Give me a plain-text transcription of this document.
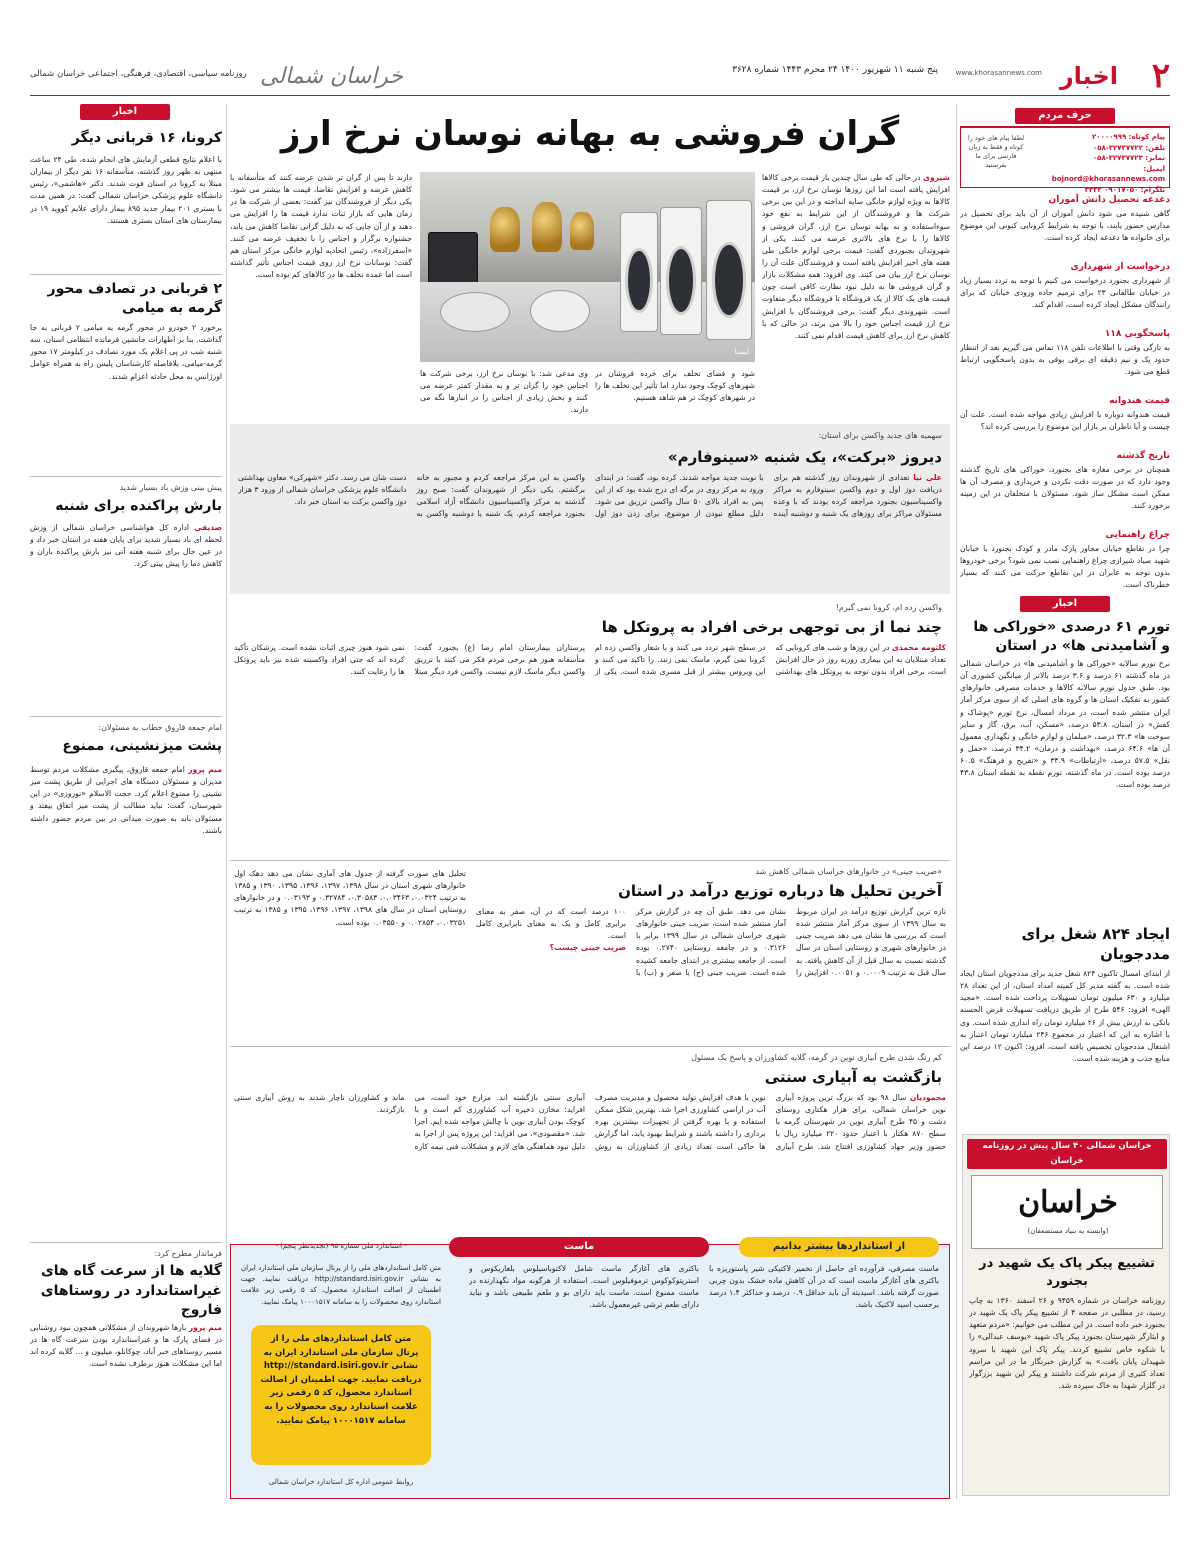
۲
اخبار
www.khorasannews.com
پنج شنبه ۱۱ شهریور ۱۴۰۰ ۲۴ محرم ۱۴۴۳ شماره ۳۶۲۸
خراسان شمالی
روزنامه سیاسی، اقتصادی، فرهنگی، اجتماعی خراسان شمالی
حرف مردم
پیام کوتاه: ۲۰۰۰۰۹۹۹
تلفن: ۳۲۷۳۷۷۲۲-۰۵۸
نمابر: ۳۲۷۳۷۷۲۳-۰۵۸
ایمیل: bojnord@khorasannews.com
تلگرام: ۰۹۰۱۷۰۵۰ ۳۳۳۳
لطفا پیام های خود را کوتاه و فقط به زبان فارسی برای ما بفرستید
دغدغه تحصیل دانش آموزان
گاهی شنیده می شود دانش آموزان از آن باید برای تحصیل در مدارس حضور یابند، با توجه به شرایط کرونایی کنونی این موضوع برای خانواده ها دغدغه ایجاد کرده است.
درخواست از شهرداری
از شهرداری بجنورد درخواست می کنیم با توجه به تردد بسیار زیاد در خیابان طالقانی ۲۳ برای ترمیم جاده ورودی خیابان که برای رانندگان مشکل ایجاد کرده است، اقدام کند.
پاسخگویی ۱۱۸
به تازگی وقتی با اطلاعات تلفن ۱۱۸ تماس می گیریم بعد از انتظار حدود یک و نیم دقیقه ای برقی بوقی به بدون پاسخگویی ارتباط قطع می شود.
قیمت هندوانه
قیمت هندوانه دوباره با افزایش زیادی مواجه شده است. علت آن چیست و آیا ناظران بر بازار این موضوع را بررسی کرده اند؟
تاریخ گذشته
همچنان در برخی مغازه های بجنورد، خوراکی های تاریخ گذشته وجود دارد که در صورت دقت نکردن و خریداری و مصرف آن ها ممکن است مشکل ساز شود. مسئولان با متخلفان در این زمینه برخورد کنند.
چراغ راهنمایی
چرا در تقاطع خیابان مجاور پارک مادر و کودک بجنورد با خیابان شهید صیاد شیرازی چراغ راهنمایی نصب نمی شود؟ برخی خودروها بدون توجه به عابران در این تقاطع حرکت می کنند که بسیار خطرناک است.
گران فروشی به بهانه نوسان نرخ ارز
شیروی در حالی که طی سال چندین بار قیمت برخی کالاها افزایش یافته است اما این روزها نوسان نرخ ارز، بر قیمت کالاها به ویژه لوازم خانگی سایه انداخته و در این بین برخی شرکت ها و فروشندگان از این شرایط به نفع خود سوءاستفاده و به بهانه نوسان نرخ ارز، گران فروشی و کالاها را با نرخ های بالاتری عرضه می کنند. یکی از شهروندان بجنوردی گفت: قیمت برخی لوازم خانگی طی هفته های اخیر افزایش یافته است و فروشندگان علت آن را نوسان نرخ ارز بیان می کنند. وی افزود: همه مشکلات بازار و گران فروشی ها به دلیل نبود نظارت کافی است چون قیمت های یک کالا از یک فروشگاه تا فروشگاه دیگر متفاوت است. شهروندی دیگر گفت: برخی فروشندگان با افزایش نرخ ارز قیمت اجناس خود را بالا می برند، در حالی که با کاهش نرخ ارز برای کاهش قیمت اقدام نمی کنند.
ایسنا
شود و فضای تخلف برای خرده فروشان در شهرهای کوچک وجود ندارد اما تأثیر این تخلف ها را در شهرهای کوچک تر هم شاهد هستیم.
وی مدعی شد: با نوسان نرخ ارز، برخی شرکت ها اجناس خود را گران تر و به مقدار کمتر عرضه می کنند و بخش زیادی از اجناس را در انبارها نگه می دارند.
دارند تا پس از گران تر شدن عرضه کنند که متأسفانه با کاهش عرضه و افزایش تقاضا، قیمت ها بیشتر می شود. یکی دیگر از فروشندگان نیز گفت: بعضی از شرکت ها در زمان هایی که بازار ثبات ندارد قیمت ها را افزایش می دهند و از آن جایی که به دلیل گرانی تقاضا کاهش می یابد، جشنواره برگزار و اجناس را با تخفیف عرضه می کنند. «اسفرزاده»، رئیس اتحادیه لوازم خانگی مرکز استان هم گفت: نوسانات نرخ ارز روی قیمت اجناس تأثیر گذاشته است اما عمده تخلف ها در کالاهای کم بوده است.
اخبار
کرونا، ۱۶ قربانی دیگر
با اعلام نتایج قطعی آزمایش های انجام شده، طی ۲۴ ساعت منتهی به ظهر روز گذشته، متأسفانه ۱۶ نفر دیگر از بیماران مبتلا به کرونا در استان فوت شدند. دکتر «هاشمی»، رئیس دانشگاه علوم پزشکی خراسان شمالی گفت: در همین مدت با بستری ۲۰۱ بیمار جدید ۸۹۵ بیمار دارای علایم کووید ۱۹ در بیمارستان های استان بستری هستند.
۲ قربانی در تصادف محور گرمه به میامی
برخورد ۲ خودرو در محور گرمه به میامی ۲ قربانی به جا گذاشت. بنا بر اظهارات جانشین فرمانده انتظامی استان، سه شنبه شب در پی اعلام یک مورد تصادف در کیلومتر ۱۷ محور گرمه-میامی، بلافاصله کارشناسان پلیس راه به همراه عوامل اورژانس به محل حادثه اعزام شدند.
پیش بینی وزش باد بسیار شدید
بارش پراکنده برای شنبه
صدیقی اداره کل هواشناسی خراسان شمالی از وزش لحظه ای باد بسیار شدید برای پایان هفته در استان خبر داد و در عین حال برای شنبه هفته آتی نیز بارش پراکنده باران و کاهش دما را پیش بینی کرد.
امام جمعه قاروق خطاب به مسئولان:
پشت میزنشینی، ممنوع
میم پرور امام جمعه قاروق، پیگیری مشکلات مردم توسط مدیران و مسئولان دستگاه های اجرایی از طریق پشت میز نشینی را ممنوع اعلام کرد. حجت الاسلام «نوروزی» در این شهرستان، گفت: نباید مطالب از پشت میز اتفاق بیفتد و مسئولان باید به صورت میدانی در بین مردم حضور داشته باشند.
فرماندار مطرح کرد:
گلایه ها از سرعت گاه های غیراستاندارد در روستاهای فاروج
میم پرور بارها شهروندان از مشکلاتی همچون نبود روشنایی در فضای پارک ها و غیراستاندارد بودن سرعت گاه ها در مسیر روستاهای خبر آباد، چوکانلو، میلیون و ... گلایه کرده اند اما این مشکلات هنوز برطرف نشده است.
سهمیه های جدید واکسن برای استان:
دیروز «برکت»، یک شنبه «سینوفارم»
علی نیا تعدادی از شهروندان روز گذشته هم برای دریافت دوز اول و دوم واکسن سینوفارم به مراکز واکسیناسیون بجنورد مراجعه کرده بودند که با وعده مسئولان مراکز برای روزهای یک شنبه و دوشنبه آینده با نوبت جدید مواجه شدند. کرده بود، گفت: در ابتدای ورود به مرکز روی در برگه ای درج شده بود که از این پس به افراد بالای ۵۰ سال واکسن تزریق می شود. دلیل مطلع نبودن از موضوع، برای زدن دوز اول واکسن به این مرکز مراجعه کردم و مجبور به خانه برگشتم. یکی دیگر از شهروندان گفت: صبح روز گذشته به مرکز واکسیناسیون دانشگاه آزاد اسلامی بجنورد مراجعه کردم. یک شنبه یا دوشنبه واکسن به دست شان می رسد. دکتر «شهرکی» معاون بهداشتی دانشگاه علوم پزشکی خراسان شمالی از ورود ۳ هزار دوز واکسن برکت به استان خبر داد.
واکسن زده ام، کرونا نمی گیرم!
چند نما از بی توجهی برخی افراد به پروتکل ها
کلثومه محمدی در این روزها و شب های کرونایی که تعداد مبتلایان به این بیماری روزبه روز در حال افزایش است، برخی افراد بدون توجه به پروتکل های بهداشتی در سطح شهر تردد می کنند و با شعار واکسن زده ام کرونا نمی گیرم، ماسک نمی زنند. را تاکید می کنند و این ویروس بیشتر از قبل مسری شده است. یکی از پرستاران بیمارستان امام رضا (ع) بجنورد گفت: متأسفانه هنوز هم برخی مردم فکر می کنند با تزریق واکسن دیگر ماسک لازم نیست. واکسن فرد دیگر مبتلا نمی شود هنوز چیزی اثبات نشده است. پزشکان تأکید کرده اند که حتی افراد واکسینه شده نیز باید پروتکل ها را رعایت کنند.
«ضریب جینی» در خانوارهای خراسان شمالی کاهش شد
آخرین تحلیل ها درباره توزیع درآمد در استان
تازه ترین گزارش توزیع درآمد در ایران مربوط به سال ۱۳۹۹ از سوی مرکز آمار منتشر شده است که بررسی ها نشان می دهد ضریب جینی در خانوارهای شهری و روستایی استان در سال گذشته نسبت به سال قبل از آن کاهش یافته. به سال قبل به ترتیب ۰.۰۰۰۹ و ۰.۰۰۵۱ افزایش را نشان می دهد. طبق آن چه در گزارش مرکز آمار منتشر شده است، ضریب جینی خانوارهای شهری خراسان شمالی در سال ۱۳۹۹ برابر با ۰.۳۱۲۶ و در جامعه روستایی ۰.۲۷۴۰ بوده است. از جامعه بیشتری در ابتدای جامعه کشیده شده است. ضریب جینی (ج) با صفر و (ب) با ۱۰۰ درصد است که در آن، صفر به معنای برابری کامل و یک به معنای نابرابری کامل است.
ضریب جینی چیست؟
تحلیل های صورت گرفته از جدول های آماری نشان می دهد دهک اول خانوارهای شهری استان در سال ۱۳۹۸، ۱۳۹۷، ۱۳۹۶، ۱۳۹۵، ۱۳۹۰ و ۱۳۸۵ به ترتیب ۰.۰۳۲۴، ۰.۰۳۴۶۳، ۰.۳۰۵۸۳، ۰.۳۲۷۸۴ و ۰.۰۳۱۹۳ و در خانوارهای روستایی استان در سال های ۱۳۹۸، ۱۳۹۷، ۱۳۹۶، ۱۳۹۵ و ۱۳۸۵ به ترتیب ۰.۰۳۲۵۱، ۰.۰۲۸۵۴ و ۰.۰۳۵۵۰ بوده است.
کم رنگ شدن طرح آبیاری نوین در گرمه، گلایه کشاورزان و پاسخ یک مسئول
بازگشت به آبیاری سنتی
محمودیان سال ۹۸ بود که بزرگ ترین پروژه آبیاری نوین خراسان شمالی، برای هزار هکتاری روستای دشت و ۴۵ طرح آبیاری نوین در شهرستان گرمه با سطح ۸۷۰ هکتار با اعتبار حدود ۲۲۰ میلیارد ریال با حضور وزیر جهاد کشاورزی افتتاح شد. طرح آبیاری نوین با هدف افزایش تولید محصول و مدیریت مصرف آب در اراضی کشاورزی اجرا شد. بهترین شکل ممکن استفاده و با بهره گرفتن از تجهیزات بیشترین بهره برداری را داشته باشند و شرایط بهبود یابد، اما گزارش ها حاکی است تعداد زیادی از کشاورزان به روش آبیاری سنتی بازگشته اند. مزارع خود است، می افزاید: مخازن ذخیره آب کشاورزی کم است و با کوچک بودن آبیاری نوین با چالش مواجه شده ایم. اجرا شد. «مقصودی»، می افزاید: این پروژه پس از اجرا به دلیل نبود هماهنگی های لازم و مشکلات فنی نیمه کاره ماند و کشاورزان ناچار شدند به روش آبیاری سنتی بازگردند.
از استانداردها بیشتر بدانیم
ماست
- استاندارد ملی شماره ۹۵ (تجدیدنظر پنجم) -
ماست مصرفی، فرآورده ای حاصل از تخمیر لاکتیکی شیر پاستوریزه با باکتری های آغازگر ماست است که در آن کاهش ماده خشک بدون چربی صورت گرفته باشد. اسیدیته آن باید حداقل ۰.۹ درصد و حداکثر ۱.۴ درصد برحسب اسید لاکتیک باشد.
باکتری های آغازگر ماست شامل لاکتوباسیلوس بلغاریکوس و استرپتوکوکوس ترموفیلوس است. استفاده از هرگونه مواد نگهدارنده در ماست ممنوع است. ماست باید دارای بو و طعم طبیعی باشد و نباید دارای طعم ترشی غیرمعمول باشد.
متن کامل استانداردهای ملی را از پرتال سازمان ملی استاندارد ایران به نشانی http://standard.isiri.gov.ir دریافت نمایید. جهت اطمینان از اصالت استاندارد محصول، کد ۵ رقمی زیر علامت استاندارد روی محصولات را به سامانه ۱۰۰۰۱۵۱۷ پیامک نمایید.
متن کامل استانداردهای ملی را از پرتال سازمان ملی استاندارد ایران به نشانی http://standard.isiri.gov.ir دریافت نمایید. جهت اطمینان از اصالت استاندارد محصول، کد ۵ رقمی زیر علامت استاندارد روی محصولات را به سامانه ۱۰۰۰۱۵۱۷ پیامک نمایید.
روابط عمومی اداره کل استاندارد خراسان شمالی
اخبار
تورم ۶۱ درصدی «خوراکی ها و آشامیدنی ها» در استان
نرخ تورم سالانه «خوراکی ها و آشامیدنی ها» در خراسان شمالی در ماه گذشته ۶۱ درصد و ۳.۶ درصد بالاتر از میانگین کشوری آن بود. طبق جدول تورم سالانه کالاها و خدمات مصرفی خانوارهای کشور به تفکیک استان ها و گروه های اصلی که از سوی مرکز آمار ایران منتشر شده است، در مرداد امسال، نرخ تورم «پوشاک و کفش» در استان، ۵۳.۸ درصد، «مسکن، آب، برق، گاز و سایر سوخت ها» ۳۲.۳ درصد، «مبلمان و لوازم خانگی و نگهداری معمول آن ها» ۶۴.۶ درصد، «بهداشت و درمان» ۳۴.۲ درصد، «حمل و نقل» ۵۷.۵ درصد، «ارتباطات» ۳۴.۹ و «تفریح و فرهنگ» ۶۰.۵ درصد بوده است. در ماه گذشته، تورم نقطه به نقطه استان ۴۳.۸ درصد بوده است.
ایجاد ۸۲۴ شغل برای مددجویان
از ابتدای امسال تاکنون ۸۲۴ شغل جدید برای مددجویان استان ایجاد شده است. به گفته مدیر کل کمیته امداد استان، از این تعداد ۲۸ میلیارد و ۶۳۰ میلیون تومان تسهیلات پرداخت شده است. «مجید الهی» افزود: ۵۴۶ طرح از طریق دریافت تسهیلات قرض الحسنه بانکی به ارزش بیش از ۲۶ میلیارد تومان راه اندازی شده است. وی با اشاره به این که اعتبار در مجموع ۲۴۶ میلیارد تومان اعتبار به اشتغال مددجویان تخصیص یافته است، افزود: اکنون ۱۲ درصد این منابع جذب و هزینه شده است.
خراسان شمالی ۴۰ سال پیش در روزنامه خراسان
خراسان
(وابسته به بنیاد مستضعفان)
تشییع پیکر پاک یک شهید در بجنورد
روزنامه خراسان در شماره ۹۴۵۹ و ۲۶ اسفند ۱۳۶۰ به چاپ رسید، در مطلبی در صفحه ۴ از تشییع پیکر پاک یک شهید در بجنورد خبر داده است. در این مطلب می خوانیم: «مردم متعهد و ایثارگر شهرستان بجنورد پیکر پاک شهید «یوسف عبدالی» را با شکوه خاص تشییع کردند. پیکر پاک این شهید با سرود شهیدان پایان یافت.» به گزارش خبرنگار ما در این مراسم تعداد کثیری از مردم شرکت داشتند و پیکر این شهید بزرگوار در گلزار شهدا به خاک سپرده شد.
